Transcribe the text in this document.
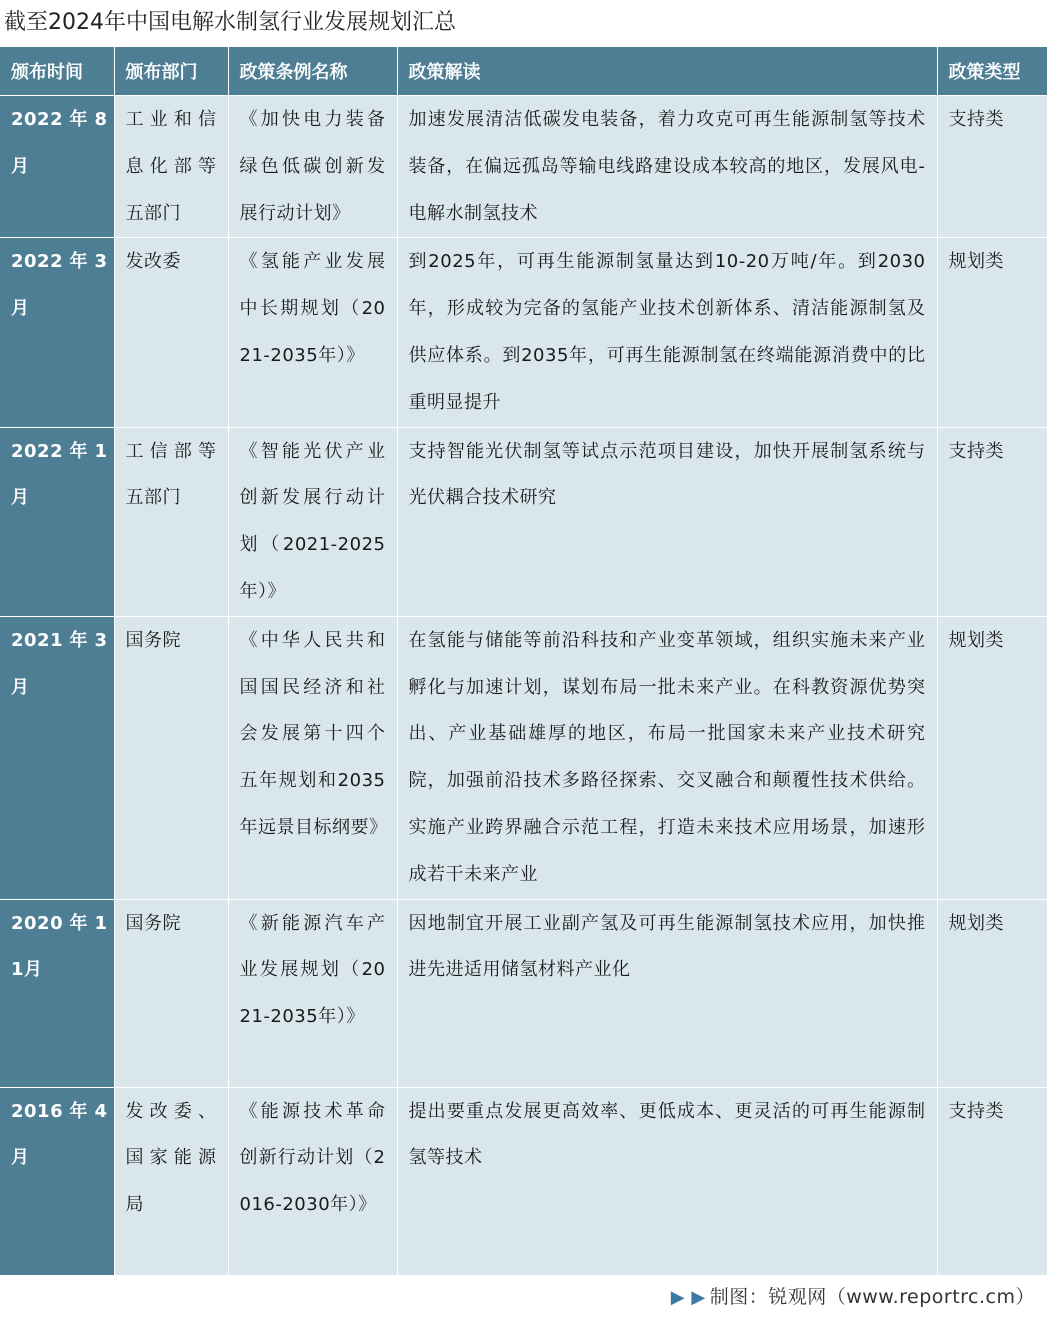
截至2024年中国电解水制氢行业发展规划汇总
颁布时间	颁布部门	政策条例名称	政策解读	政策类型
2022年8月	工业和信息化部等五部门	《加快电力装备绿色低碳创新发展行动计划》	加速发展清洁低碳发电装备，着力攻克可再生能源制氢等技术装备，在偏远孤岛等输电线路建设成本较高的地区，发展风电-电解水制氢技术	支持类
2022年3月	发改委	《氢能产业发展中长期规划（2021-2035年）》	到2025年，可再生能源制氢量达到10-20万吨/年。到2030年，形成较为完备的氢能产业技术创新体系、清洁能源制氢及供应体系。到2035年，可再生能源制氢在终端能源消费中的比重明显提升	规划类
2022年1月	工信部等五部门	《智能光伏产业创新发展行动计划（2021-2025年）》	支持智能光伏制氢等试点示范项目建设，加快开展制氢系统与光伏耦合技术研究	支持类
2021年3月	国务院	《中华人民共和国国民经济和社会发展第十四个五年规划和2035年远景目标纲要》	在氢能与储能等前沿科技和产业变革领域，组织实施未来产业孵化与加速计划，谋划布局一批未来产业。在科教资源优势突出、产业基础雄厚的地区，布局一批国家未来产业技术研究院，加强前沿技术多路径探索、交叉融合和颠覆性技术供给。实施产业跨界融合示范工程，打造未来技术应用场景，加速形成若干未来产业	规划类
2020年11月	国务院	《新能源汽车产业发展规划（2021-2035年）》	因地制宜开展工业副产氢及可再生能源制氢技术应用，加快推进先进适用储氢材料产业化	规划类
2016年4月	发改委、国家能源局	《能源技术革命创新行动计划（2016-2030年）》	提出要重点发展更高效率、更低成本、更灵活的可再生能源制氢等技术	支持类
▶ ▶ 制图：锐观网（www.reportrc.cm）
